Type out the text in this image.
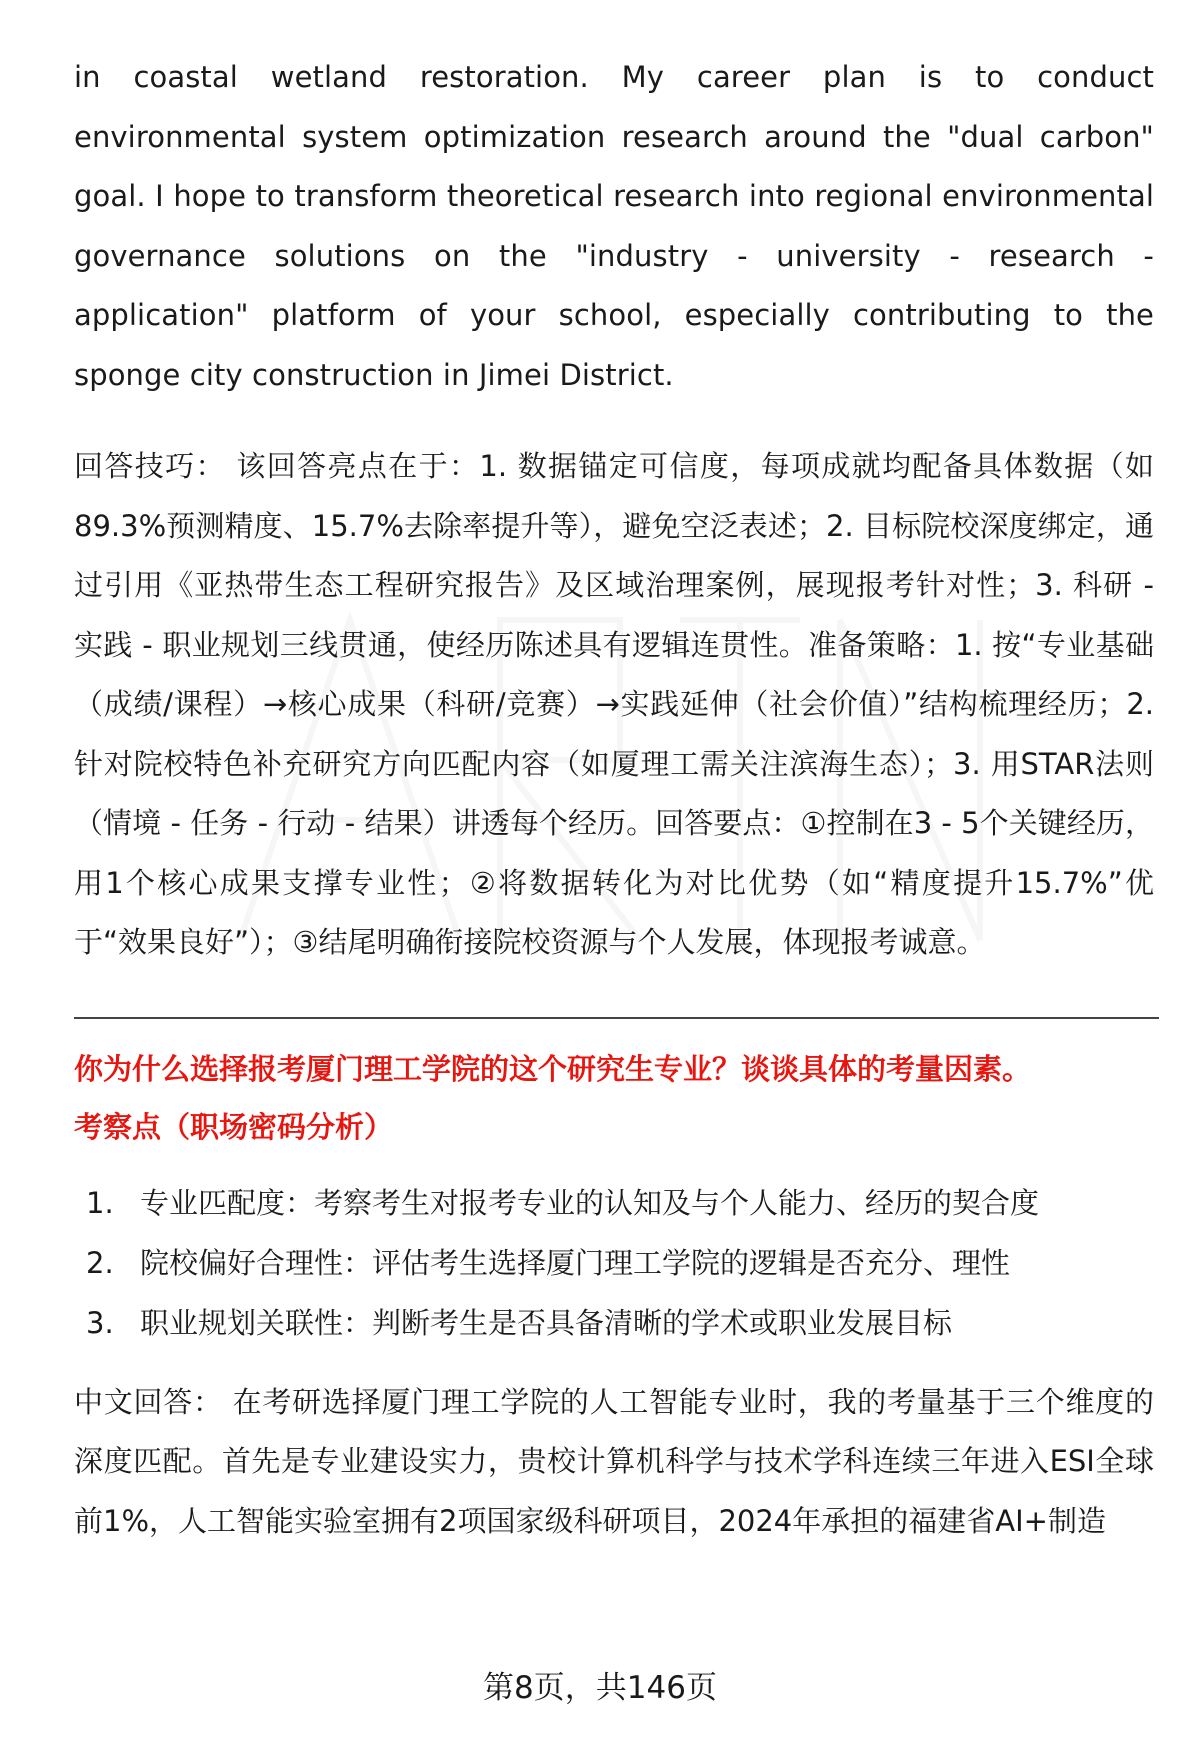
in coastal wetland restoration. My career plan is to conduct environmental system optimization research around the "dual carbon" goal. I hope to transform theoretical research into regional environmental governance solutions on the "industry - university - research - application" platform of your school, especially contributing to the sponge city construction in Jimei District.

回答技巧： 该回答亮点在于：1. 数据锚定可信度，每项成就均配备具体数据（如89.3%预测精度、15.7%去除率提升等），避免空泛表述；2. 目标院校深度绑定，通过引用《亚热带生态工程研究报告》及区域治理案例，展现报考针对性；3. 科研 - 实践 - 职业规划三线贯通，使经历陈述具有逻辑连贯性。准备策略：1. 按“专业基础（成绩/课程）→核心成果（科研/竞赛）→实践延伸（社会价值）”结构梳理经历；2. 针对院校特色补充研究方向匹配内容（如厦理工需关注滨海生态）；3. 用STAR法则（情境 - 任务 - 行动 - 结果）讲透每个经历。回答要点：①控制在3 - 5个关键经历，用1个核心成果支撑专业性；②将数据转化为对比优势（如“精度提升15.7%”优于“效果良好”）；③结尾明确衔接院校资源与个人发展，体现报考诚意。

你为什么选择报考厦门理工学院的这个研究生专业？谈谈具体的考量因素。
考察点（职场密码分析）
1. 专业匹配度：考察考生对报考专业的认知及与个人能力、经历的契合度
2. 院校偏好合理性：评估考生选择厦门理工学院的逻辑是否充分、理性
3. 职业规划关联性：判断考生是否具备清晰的学术或职业发展目标

中文回答： 在考研选择厦门理工学院的人工智能专业时，我的考量基于三个维度的深度匹配。首先是专业建设实力，贵校计算机科学与技术学科连续三年进入ESI全球前1%，人工智能实验室拥有2项国家级科研项目，2024年承担的福建省AI+制造

第8页，共146页
